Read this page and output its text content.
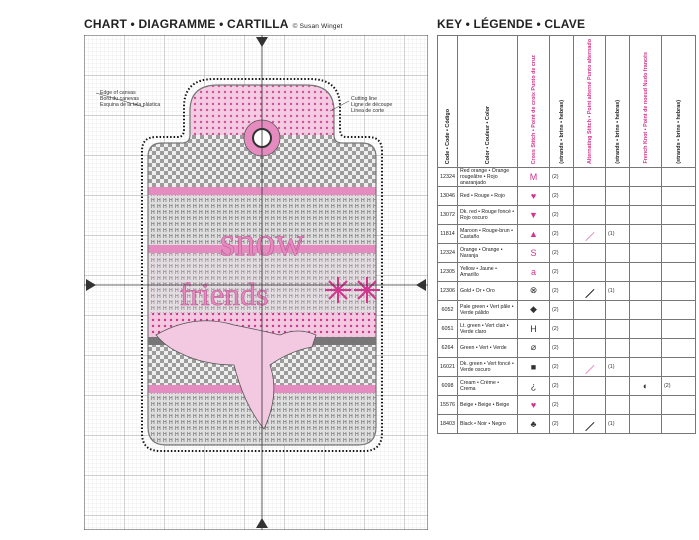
CHART • DIAGRAMME • CARTILLA © Susan Winget	KEY • LÉGENDE • CLAVE
snow
friends
Edge of canvas
Bord du canevas
Esquina de la tela plástica
Cutting line
Ligne de découpe
Línea de corte	Code • Code • Código	Color • Couleur • Color	Cross Stitch • Point de croix Punto de cruz	(strands • brins • hebras)	Alternating Stitch • Point alterné Punto alternado	(strands • brins • hebras)	French Knot • Point de noeud Nudo francés	(strands • brins • hebras)

12324	Red orange • Orange rougeâtre • Rojo anaranjado	M	(2)				
13046	Red • Rouge • Rojo	♥	(2)				
13072	Dk. red • Rouge foncé • Rojo oscuro	▼	(2)				
11814	Maroon • Rouge-brun • Castaño	▲	(2)		(1)		
12324	Orange • Orange • Naranja	S	(2)				
12305	Yellow • Jaune • Amarillo	a	(2)				
12306	Gold • Or • Oro	⊗	(2)		(1)		
6052	Pale green • Vert pâle • Verde pálido	◆	(2)				
6051	Lt. green • Vert clair • Verde claro	H	(2)				
6264	Green • Vert • Verde	⌀	(2)				
16021	Dk. green • Vert foncé • Verde oscuro	■	(2)		(1)		
6098	Cream • Crème • Crema	¿	(2)			◐	(2)
15576	Beige • Beige • Beige	♥	(2)				
18403	Black • Noir • Negro	♣	(2)		(1)		
